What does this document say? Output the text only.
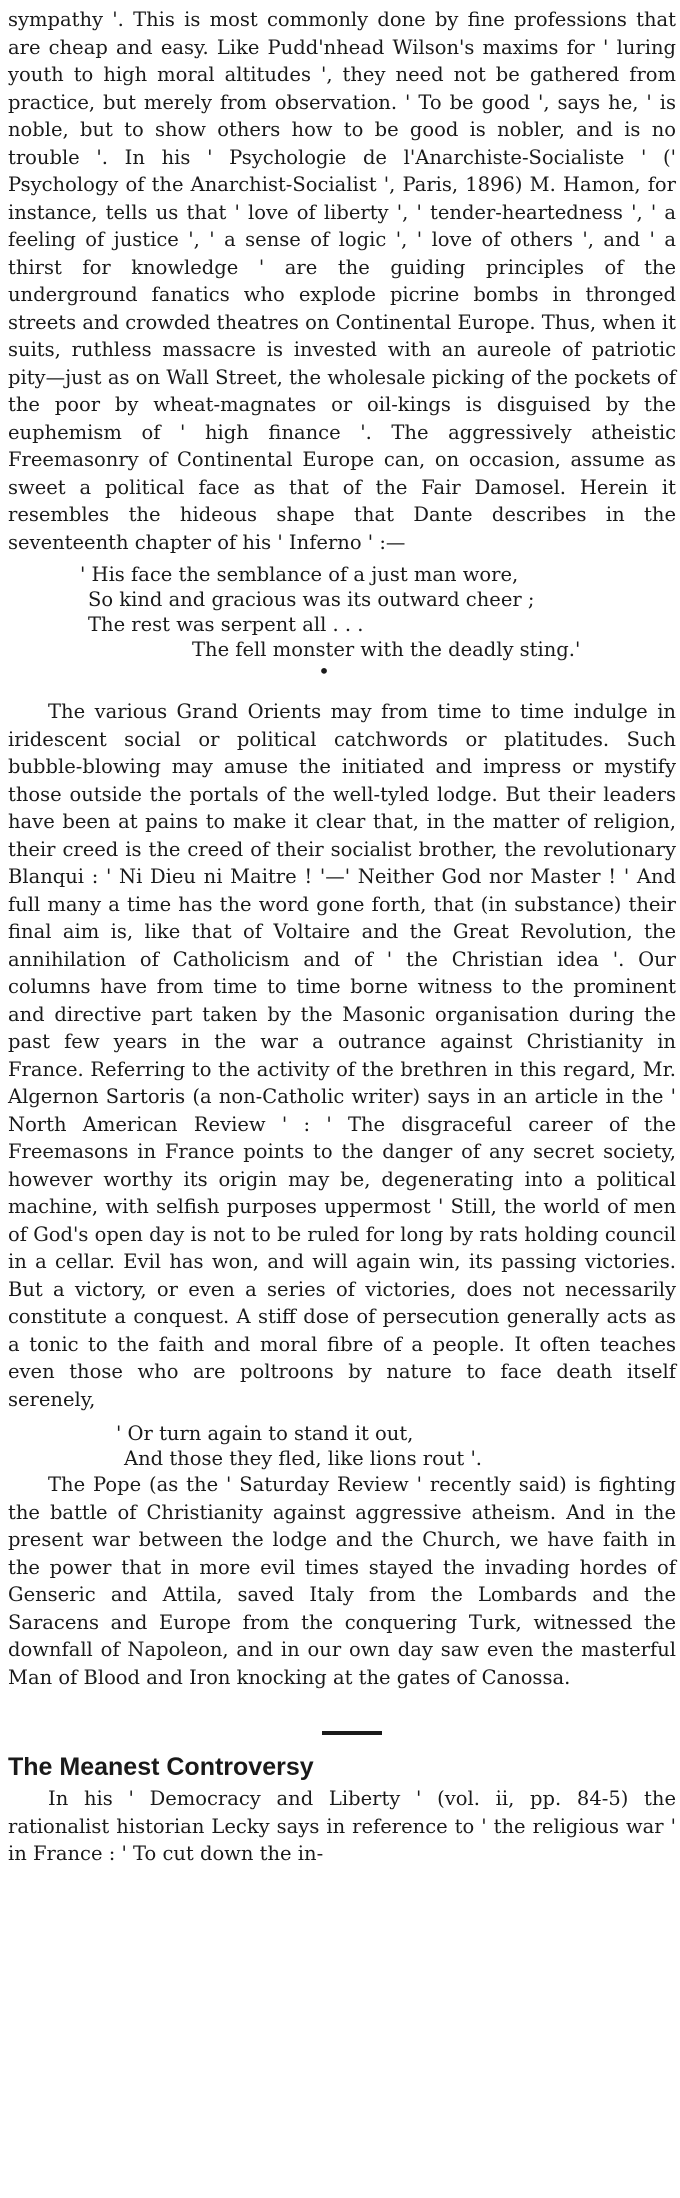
sympathy '. This is most commonly done by fine professions that are cheap and easy. Like Pudd'nhead Wilson's maxims for ' luring youth to high moral altitudes ', they need not be gathered from practice, but merely from observation. ' To be good ', says he, ' is noble, but to show others how to be good is nobler, and is no trouble '. In his ' Psychologie de l'Anarchiste-Socialiste ' (' Psychology of the Anarchist-Socialist ', Paris, 1896) M. Hamon, for instance, tells us that ' love of liberty ', ' tender-heartedness ', ' a feeling of justice ', ' a sense of logic ', ' love of others ', and ' a thirst for knowledge ' are the guiding principles of the underground fanatics who explode picrine bombs in thronged streets and crowded theatres on Continental Europe. Thus, when it suits, ruthless massacre is invested with an aureole of patriotic pity—just as on Wall Street, the wholesale picking of the pockets of the poor by wheat-magnates or oil-kings is disguised by the euphemism of ' high finance '. The aggressively atheistic Freemasonry of Continental Europe can, on occasion, assume as sweet a political face as that of the Fair Damosel. Herein it resembles the hideous shape that Dante describes in the seventeenth chapter of his ' Inferno ' :—

' His face the semblance of a just man wore,
So kind and gracious was its outward cheer ;
The rest was serpent all . . .
The fell monster with the deadly sting.'
•

The various Grand Orients may from time to time indulge in iridescent social or political catchwords or platitudes. Such bubble-blowing may amuse the initiated and impress or mystify those outside the portals of the well-tyled lodge. But their leaders have been at pains to make it clear that, in the matter of religion, their creed is the creed of their socialist brother, the revolutionary Blanqui : ' Ni Dieu ni Maitre ! '—' Neither God nor Master ! ' And full many a time has the word gone forth, that (in substance) their final aim is, like that of Voltaire and the Great Revolution, the annihilation of Catholicism and of ' the Christian idea '. Our columns have from time to time borne witness to the prominent and directive part taken by the Masonic organisation during the past few years in the war a outrance against Christianity in France. Referring to the activity of the brethren in this regard, Mr. Algernon Sartoris (a non-Catholic writer) says in an article in the ' North American Review ' : ' The disgraceful career of the Freemasons in France points to the danger of any secret society, however worthy its origin may be, degenerating into a political machine, with selfish purposes uppermost ' Still, the world of men of God's open day is not to be ruled for long by rats holding council in a cellar. Evil has won, and will again win, its passing victories. But a victory, or even a series of victories, does not necessarily constitute a conquest. A stiff dose of persecution generally acts as a tonic to the faith and moral fibre of a people. It often teaches even those who are poltroons by nature to face death itself serenely,

' Or turn again to stand it out,
And those they fled, like lions rout '.

The Pope (as the ' Saturday Review ' recently said) is fighting the battle of Christianity against aggressive atheism. And in the present war between the lodge and the Church, we have faith in the power that in more evil times stayed the invading hordes of Genseric and Attila, saved Italy from the Lombards and the Saracens and Europe from the conquering Turk, witnessed the downfall of Napoleon, and in our own day saw even the masterful Man of Blood and Iron knocking at the gates of Canossa.

The Meanest Controversy

In his ' Democracy and Liberty ' (vol. ii, pp. 84-5) the rationalist historian Lecky says in reference to ' the religious war ' in France : ' To cut down the in-
